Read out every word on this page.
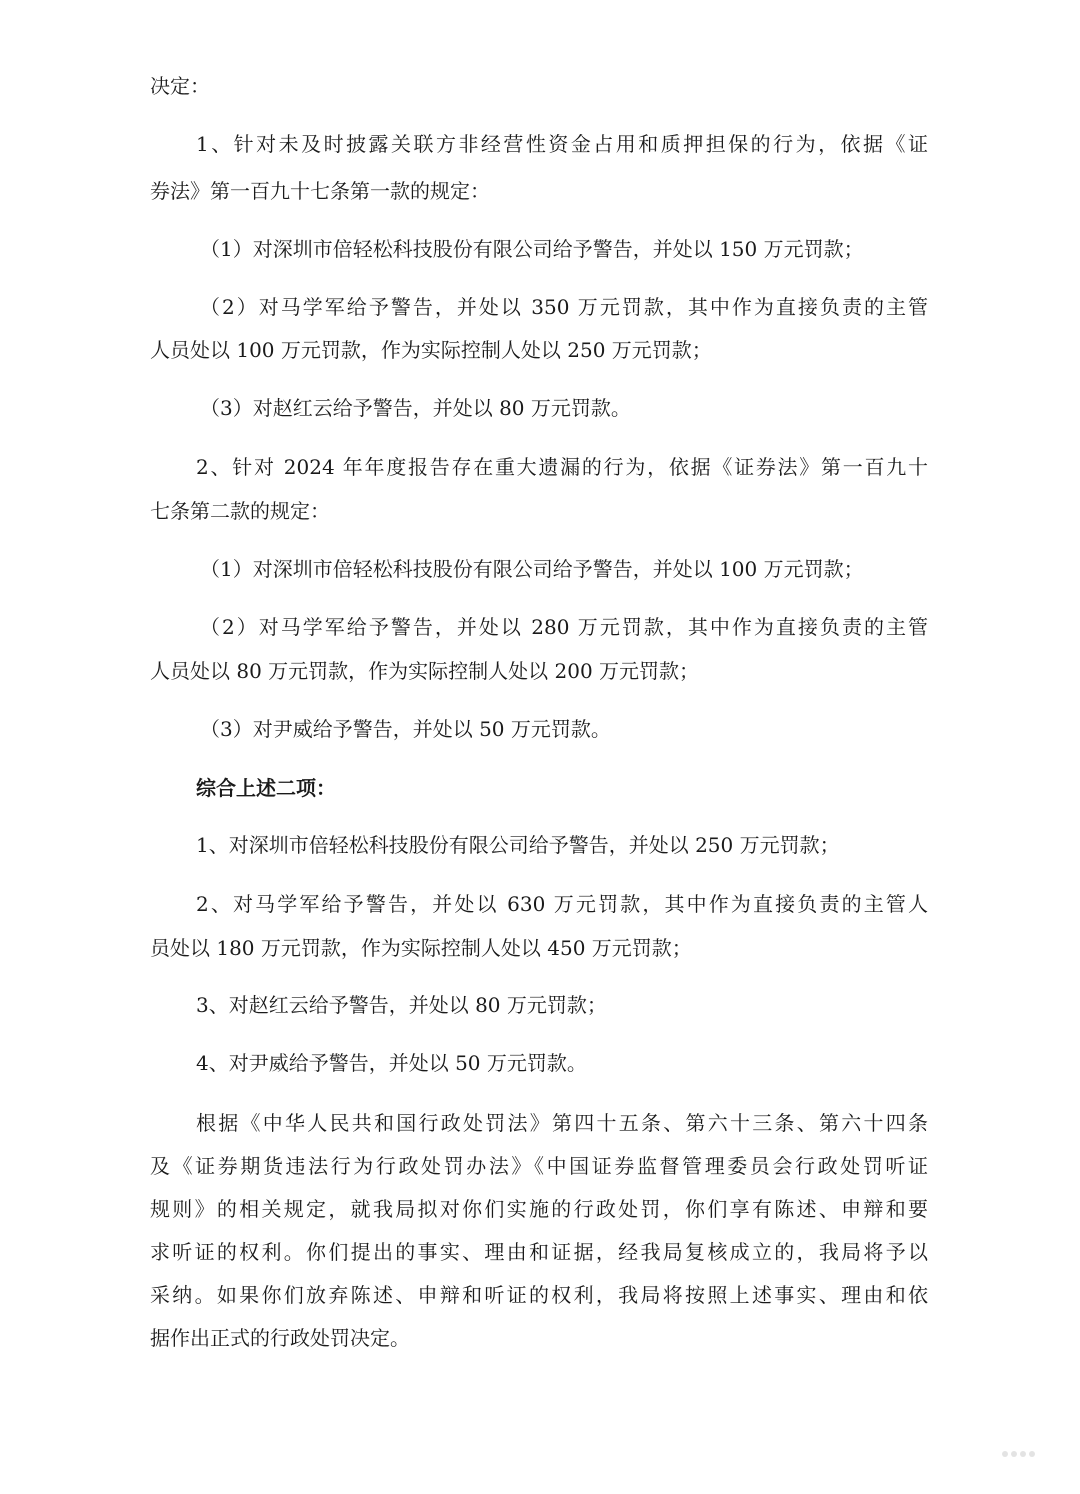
决定：
1、针对未及时披露关联方非经营性资金占用和质押担保的行为，依据《证
券法》第一百九十七条第一款的规定：
（1）对深圳市倍轻松科技股份有限公司给予警告，并处以 150 万元罚款；
（2）对马学军给予警告，并处以 350 万元罚款，其中作为直接负责的主管
人员处以 100 万元罚款，作为实际控制人处以 250 万元罚款；
（3）对赵红云给予警告，并处以 80 万元罚款。
2、针对 2024 年年度报告存在重大遗漏的行为，依据《证券法》第一百九十
七条第二款的规定：
（1）对深圳市倍轻松科技股份有限公司给予警告，并处以 100 万元罚款；
（2）对马学军给予警告，并处以 280 万元罚款，其中作为直接负责的主管
人员处以 80 万元罚款，作为实际控制人处以 200 万元罚款；
（3）对尹威给予警告，并处以 50 万元罚款。
综合上述二项：
1、对深圳市倍轻松科技股份有限公司给予警告，并处以 250 万元罚款；
2、对马学军给予警告，并处以 630 万元罚款，其中作为直接负责的主管人
员处以 180 万元罚款，作为实际控制人处以 450 万元罚款；
3、对赵红云给予警告，并处以 80 万元罚款；
4、对尹威给予警告，并处以 50 万元罚款。
根据《中华人民共和国行政处罚法》第四十五条、第六十三条、第六十四条
及《证券期货违法行为行政处罚办法》《中国证券监督管理委员会行政处罚听证
规则》的相关规定，就我局拟对你们实施的行政处罚，你们享有陈述、申辩和要
求听证的权利。你们提出的事实、理由和证据，经我局复核成立的，我局将予以
采纳。如果你们放弃陈述、申辩和听证的权利，我局将按照上述事实、理由和依
据作出正式的行政处罚决定。
